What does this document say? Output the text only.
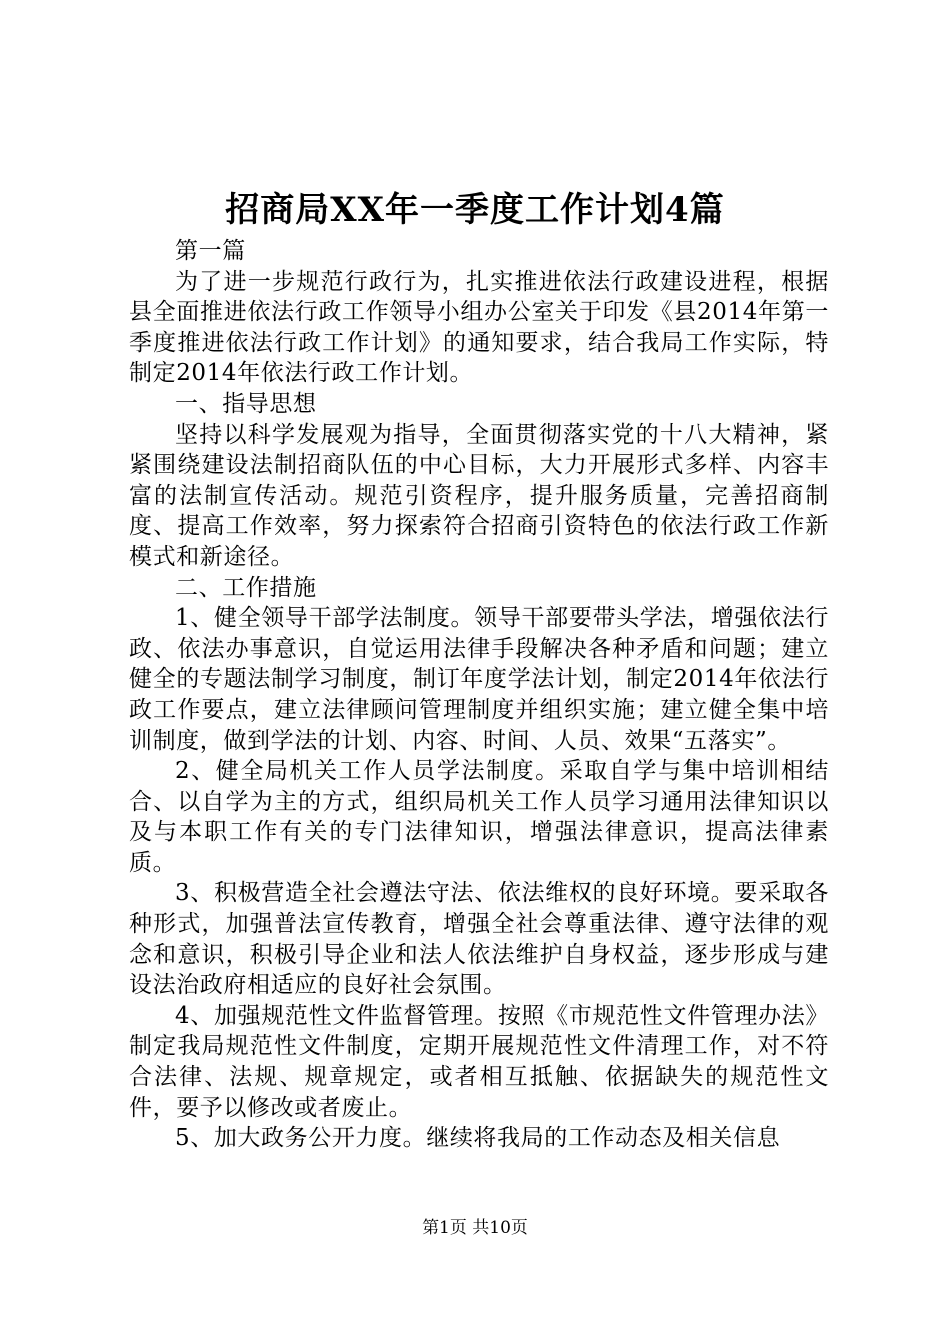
招商局XX年一季度工作计划4篇

第一篇

为了进一步规范行政行为，扎实推进依法行政建设进程，根据县全面推进依法行政工作领导小组办公室关于印发《县2014年第一季度推进依法行政工作计划》的通知要求，结合我局工作实际，特制定2014年依法行政工作计划。

一、指导思想

坚持以科学发展观为指导，全面贯彻落实党的十八大精神，紧紧围绕建设法制招商队伍的中心目标，大力开展形式多样、内容丰富的法制宣传活动。规范引资程序，提升服务质量，完善招商制度、提高工作效率，努力探索符合招商引资特色的依法行政工作新模式和新途径。

二、工作措施

1、健全领导干部学法制度。领导干部要带头学法，增强依法行政、依法办事意识，自觉运用法律手段解决各种矛盾和问题；建立健全的专题法制学习制度，制订年度学法计划，制定2014年依法行政工作要点，建立法律顾问管理制度并组织实施；建立健全集中培训制度，做到学法的计划、内容、时间、人员、效果“五落实”。

2、健全局机关工作人员学法制度。采取自学与集中培训相结合、以自学为主的方式，组织局机关工作人员学习通用法律知识以及与本职工作有关的专门法律知识，增强法律意识，提高法律素质。

3、积极营造全社会遵法守法、依法维权的良好环境。要采取各种形式，加强普法宣传教育，增强全社会尊重法律、遵守法律的观念和意识，积极引导企业和法人依法维护自身权益，逐步形成与建设法治政府相适应的良好社会氛围。

4、加强规范性文件监督管理。按照《市规范性文件管理办法》制定我局规范性文件制度，定期开展规范性文件清理工作，对不符合法律、法规、规章规定，或者相互抵触、依据缺失的规范性文件，要予以修改或者废止。

5、加大政务公开力度。继续将我局的工作动态及相关信息

第1页 共10页
